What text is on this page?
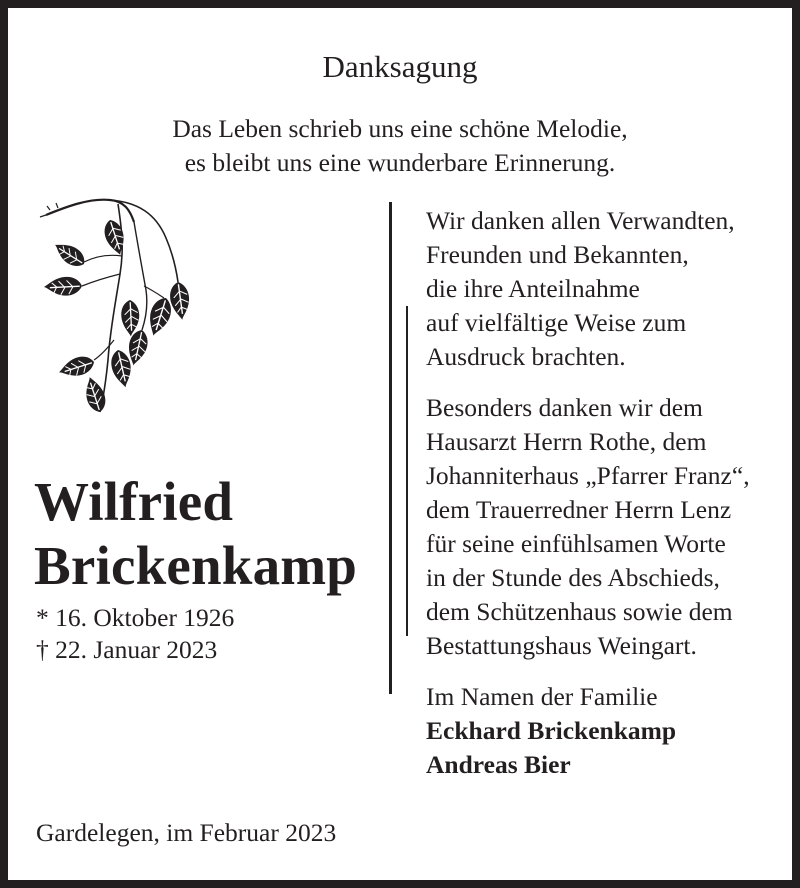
Danksagung
Das Leben schrieb uns eine schöne Melodie,
es bleibt uns eine wunderbare Erinnerung.
Wilfried
Brickenkamp
* 16. Oktober 1926
† 22. Januar 2023
Wir danken allen Verwandten,
Freunden und Bekannten,
die ihre Anteilnahme
auf vielfältige Weise zum
Ausdruck brachten.
Besonders danken wir dem
Hausarzt Herrn Rothe, dem
Johanniterhaus „Pfarrer Franz“,
dem Trauerredner Herrn Lenz
für seine einfühlsamen Worte
in der Stunde des Abschieds,
dem Schützenhaus sowie dem
Bestattungshaus Weingart.
Im Namen der Familie
Eckhard Brickenkamp
Andreas Bier
Gardelegen, im Februar 2023
